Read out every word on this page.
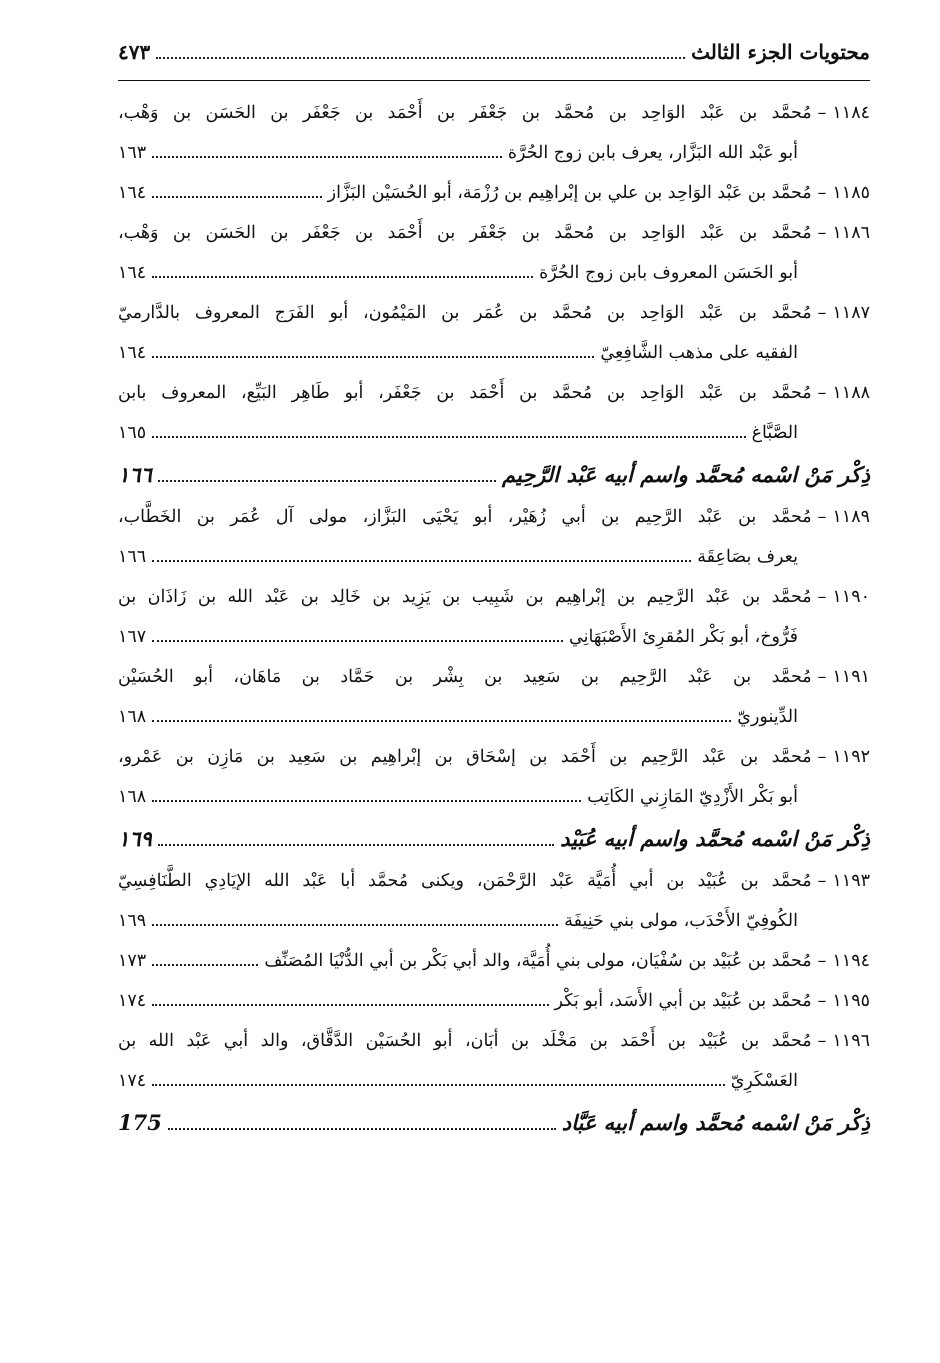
محتويات الجزء الثالث
٤٧٣
١١٨٤
–
مُحمَّد بن عَبْد الوَاحِد بن مُحمَّد بن جَعْفَر بن أَحْمَد بن جَعْفَر بن الحَسَن بن وَهْب،
أبو عَبْد الله البَزَّار، يعرف بابن زوج الحُرَّة
١٦٣
١١٨٥
–
مُحمَّد بن عَبْد الوَاحِد بن علي بن إبْراهِيم بن رُزْمَة، أبو الحُسَيْن البَزَّاز
١٦٤
١١٨٦
–
مُحمَّد بن عَبْد الوَاحِد بن مُحمَّد بن جَعْفَر بن أَحْمَد بن جَعْفَر بن الحَسَن بن وَهْب،
أبو الحَسَن المعروف بابن زوج الحُرَّة
١٦٤
١١٨٧
–
مُحمَّد بن عَبْد الوَاحِد بن مُحمَّد بن عُمَر بن المَيْمُون، أبو الفَرَج المعروف بالدَّارميّ
الفقيه على مذهب الشَّافِعِيّ
١٦٤
١١٨٨
–
مُحمَّد بن عَبْد الوَاحِد بن مُحمَّد بن أَحْمَد بن جَعْفَر، أبو طَاهِر البَيِّع، المعروف بابن
الصَّبَّاغ
١٦٥
ذِكْر مَنْ اسْمه مُحمَّد واسم أبيه عَبْد الرَّحِيم
١٦٦
١١٨٩
–
مُحمَّد بن عَبْد الرَّحِيم بن أبي زُهَيْر، أبو يَحْيَى البَزَّاز، مولى آل عُمَر بن الخَطَّاب،
يعرف بصَاعِقَة
١٦٦
١١٩٠
–
مُحمَّد بن عَبْد الرَّحِيم بن إبْراهِيم بن شَبِيب بن يَزِيد بن خَالِد بن عَبْد الله بن زَاذَان بن
فَرُّوخ، أبو بَكْر المُقرِئ الأَصْبَهَانِي
١٦٧
١١٩١
–
مُحمَّد بن عَبْد الرَّحِيم بن سَعِيد بن بِشْر بن حَمَّاد بن مَاهَان، أبو الحُسَيْن
الدِّينوريّ
١٦٨
١١٩٢
–
مُحمَّد بن عَبْد الرَّحِيم بن أَحْمَد بن إسْحَاق بن إبْراهِيم بن سَعِيد بن مَازِن بن عَمْرو،
أبو بَكْر الأَزْدِيّ المَازِني الكَاتِب
١٦٨
ذِكْر مَنْ اسْمه مُحمَّد واسم أبيه عُبَيْد
١٦٩
١١٩٣
–
مُحمَّد بن عُبَيْد بن أبي أُمَيَّة عَبْد الرَّحْمَن، ويكنى مُحمَّد أبا عَبْد الله الإيَادِي الطَّنَافِسِيّ
الكُوفِيّ الأَحْدَب، مولى بني حَنِيفَة
١٦٩
١١٩٤
–
مُحمَّد بن عُبَيْد بن سُفْيَان، مولى بني أُمَيَّة، والد أبي بَكْر بن أبي الدُّنْيَا المُصَنِّف
١٧٣
١١٩٥
–
مُحمَّد بن عُبَيْد بن أبي الأَسَد، أبو بَكْر
١٧٤
١١٩٦
–
مُحمَّد بن عُبَيْد بن أَحْمَد بن مَخْلَد بن أبَان، أبو الحُسَيْن الدَّقَّاق، والد أبي عَبْد الله بن
العَسْكَرِيّ
١٧٤
ذِكْر مَنْ اسْمه مُحمَّد واسم أبيه عَبَّاد
175
